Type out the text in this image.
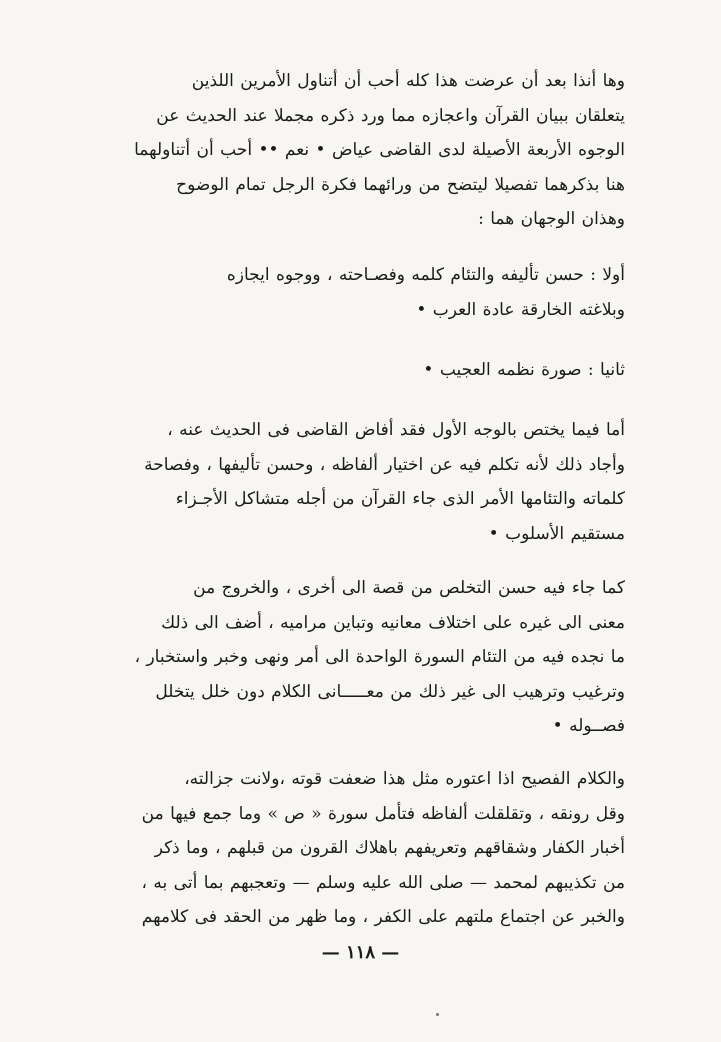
وها أنذا بعد أن عرضت هذا كله أحب أن أتناول الأمرين اللذين
يتعلقان ببيان القرآن واعجازه مما ورد ذكره مجملا عند الحديث عن
الوجوه الأربعة الأصيلة لدى القاضى عياض • نعم •• أحب أن أتناولهما
هنا بذكرهما تفصيلا ليتضح من ورائهما فكرة الرجل تمام الوضوح
وهذان الوجهان هما :
أولا : حسن تأليفه والتئام كلمه وفصـاحته ، ووجوه ايجازه
وبلاغته الخارقة عادة العرب •
ثانيا : صورة نظمه العجيب •
أما فيما يختص بالوجه الأول فقد أفاض القاضى فى الحديث عنه ،
وأجاد ذلك لأنه تكلم فيه عن اختيار ألفاظه ، وحسن تأليفها ، وفصاحة
كلماته والتئامها الأمر الذى جاء القرآن من أجله متشاكل الأجـزاء
مستقيم الأسلوب •
كما جاء فيه حسن التخلص من قصة الى أخرى ، والخروج من
معنى الى غيره على اختلاف معانيه وتباين مراميه ، أضف الى ذلك
ما نجده فيه من التئام السورة الواحدة الى أمر ونهى وخبر واستخبار ،
وترغيب وترهيب الى غير ذلك من معـــــانى الكلام دون خلل يتخلل
فصــوله •
والكلام الفصيح اذا اعتوره مثل هذا ضعفت قوته ،ولانت جزالته،
وقل رونقه ، وتقلقلت ألفاظه فتأمل سورة « ص » وما جمع فيها من
أخبار الكفار وشقاقهم وتعريفهم باهلاك القرون من قبلهم ، وما ذكر
من تكذيبهم لمحمد — صلى الله عليه وسلم — وتعجبهم بما أتى به ،
والخبر عن اجتماع ملتهم على الكفر ، وما ظهر من الحقد فى كلامهم
— ١١٨ —
